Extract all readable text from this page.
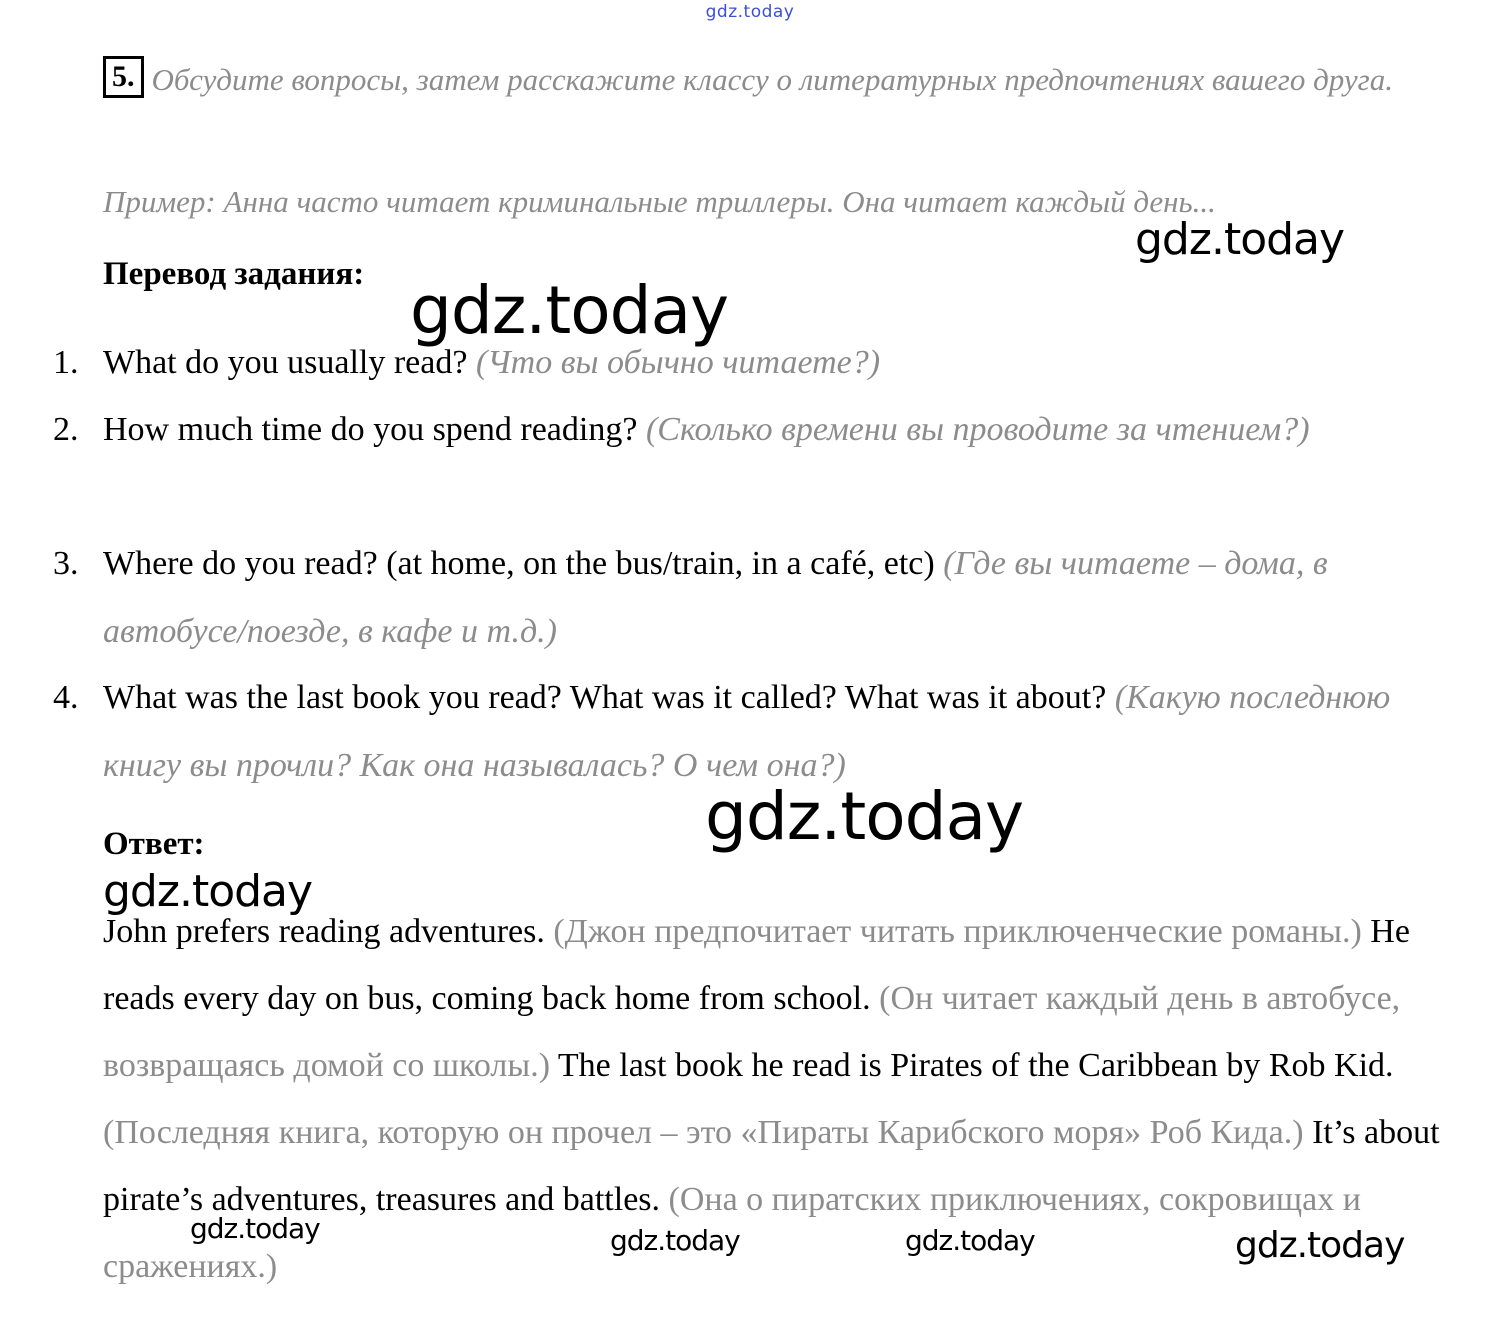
gdz.today
5. Обсудите вопросы, затем расскажите классу о литературных предпочтениях вашего друга.
Пример: Анна часто читает криминальные триллеры. Она читает каждый день...
Перевод задания:
1. What do you usually read? (Что вы обычно читаете?)
2. How much time do you spend reading? (Сколько времени вы проводите за чтением?)
3. Where do you read? (at home, on the bus/train, in a café, etc) (Где вы читаете – дома, в автобусе/поезде, в кафе и т.д.)
4. What was the last book you read? What was it called? What was it about? (Какую последнюю книгу вы прочли? Как она называлась? О чем она?)
Ответ:
John prefers reading adventures. (Джон предпочитает читать приключенческие романы.) He reads every day on bus, coming back home from school. (Он читает каждый день в автобусе, возвращаясь домой со школы.) The last book he read is Pirates of the Caribbean by Rob Kid. (Последняя книга, которую он прочел – это «Пираты Карибского моря» Роб Кида.) It’s about pirate’s adventures, treasures and battles. (Она о пиратских приключениях, сокровищах и сражениях.)
gdz.today
gdz.today
gdz.today
gdz.today
gdz.today	gdz.today	gdz.today	gdz.today
